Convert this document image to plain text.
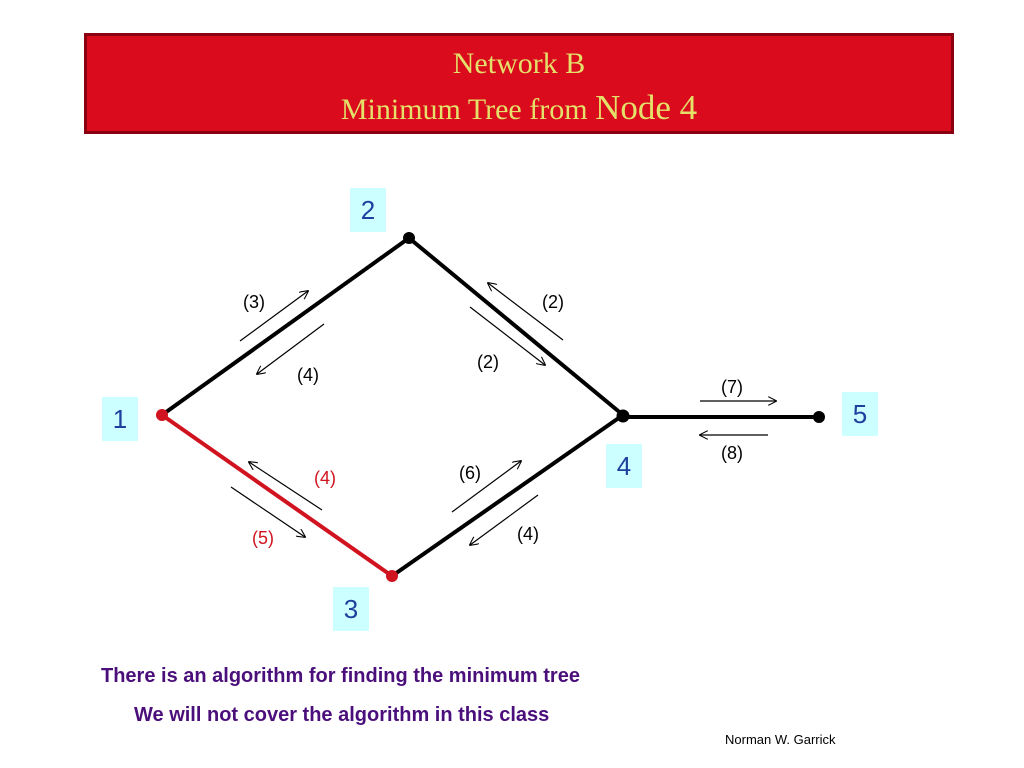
Network B
Minimum Tree from Node 4
(3)
(4)
(2)
(2)
(4)
(5)
(6)
(4)
(7)
(8)
1
2
3
4
5
There is an algorithm for finding the minimum tree
We will not cover the algorithm in this class
Norman W. Garrick
